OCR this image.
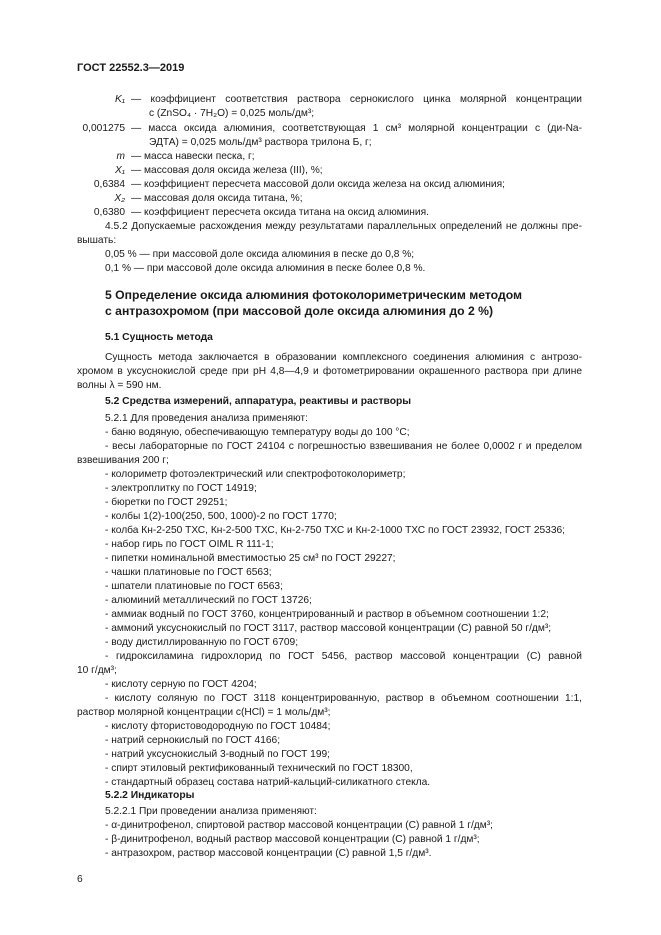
ГОСТ 22552.3—2019
K₁ — коэффициент соответствия раствора сернокислого цинка молярной концентрации
c (ZnSO₄ · 7H₂O) = 0,025 моль/дм³;
0,001275 — масса оксида алюминия, соответствующая 1 см³ молярной концентрации c (ди-Na-
ЭДТА) = 0,025 моль/дм³ раствора трилона Б, г;
m — масса навески песка, г;
X₁ — массовая доля оксида железа (III), %;
0,6384 — коэффициент пересчета массовой доли оксида железа на оксид алюминия;
X₂ — массовая доля оксида титана, %;
0,6380 — коэффициент пересчета оксида титана на оксид алюминия.
4.5.2 Допускаемые расхождения между результатами параллельных определений не должны пре-
вышать:
0,05 % — при массовой доле оксида алюминия в песке до 0,8 %;
0,1 % — при массовой доле оксида алюминия в песке более 0,8 %.
5 Определение оксида алюминия фотоколориметрическим методом
с антразохромом (при массовой доле оксида алюминия до 2 %)
5.1 Сущность метода
Сущность метода заключается в образовании комплексного соединения алюминия с антрозо-
хромом в уксуснокислой среде при pH 4,8—4,9 и фотометрировании окрашенного раствора при длине
волны λ = 590 нм.
5.2 Средства измерений, аппаратура, реактивы и растворы
5.2.1 Для проведения анализа применяют:
- баню водяную, обеспечивающую температуру воды до 100 °С;
- весы лабораторные по ГОСТ 24104 с погрешностью взвешивания не более 0,0002 г и пределом
взвешивания 200 г;
- колориметр фотоэлектрический или спектрофотоколориметр;
- электроплитку по ГОСТ 14919;
- бюретки по ГОСТ 29251;
- колбы 1(2)-100(250, 500, 1000)-2 по ГОСТ 1770;
- колба Кн-2-250 ТХС, Кн-2-500 ТХС, Кн-2-750 ТХС и Кн-2-1000 ТХС по ГОСТ 23932, ГОСТ 25336;
- набор гирь по ГОСТ OIML R 111-1;
- пипетки номинальной вместимостью 25 см³ по ГОСТ 29227;
- чашки платиновые по ГОСТ 6563;
- шпатели платиновые по ГОСТ 6563;
- алюминий металлический по ГОСТ 13726;
- аммиак водный по ГОСТ 3760, концентрированный и раствор в объемном соотношении 1:2;
- аммоний уксуснокислый по ГОСТ 3117, раствор массовой концентрации (С) равной 50 г/дм³;
- воду дистиллированную по ГОСТ 6709;
- гидроксиламина гидрохлорид по ГОСТ 5456, раствор массовой концентрации (С) равной
10 г/дм³;
- кислоту серную по ГОСТ 4204;
- кислоту соляную по ГОСТ 3118 концентрированную, раствор в объемном соотношении 1:1,
раствор молярной концентрации c(HCl) = 1 моль/дм³;
- кислоту фтористоводородную по ГОСТ 10484;
- натрий сернокислый по ГОСТ 4166;
- натрий уксуснокислый 3-водный по ГОСТ 199;
- спирт этиловый ректификованный технический по ГОСТ 18300,
- стандартный образец состава натрий-кальций-силикатного стекла.
5.2.2 Индикаторы
5.2.2.1 При проведении анализа применяют:
- α-динитрофенол, спиртовой раствор массовой концентрации (С) равной 1 г/дм³;
- β-динитрофенол, водный раствор массовой концентрации (С) равной 1 г/дм³;
- антразохром, раствор массовой концентрации (С) равной 1,5 г/дм³.
6
